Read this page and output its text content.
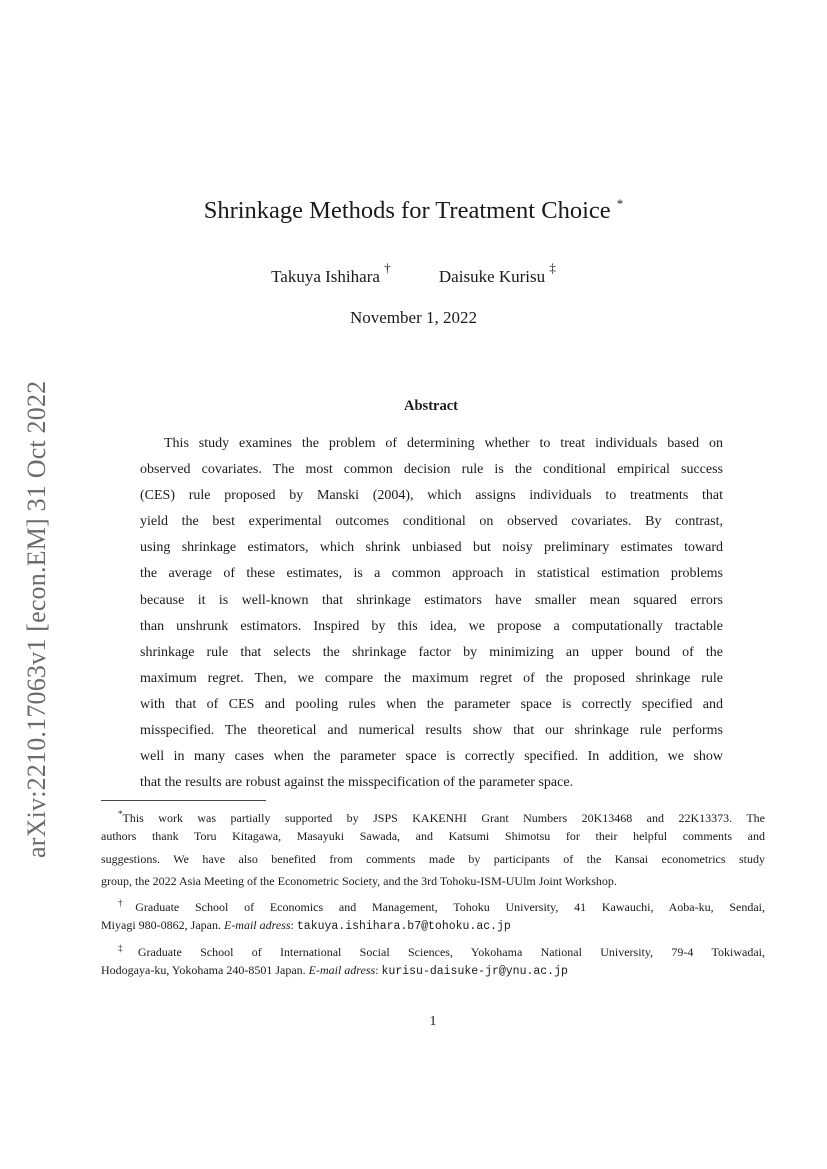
arXiv:2210.17063v1 [econ.EM] 31 Oct 2022
Shrinkage Methods for Treatment Choice *
Takuya Ishihara †	Daisuke Kurisu ‡
November 1, 2022
Abstract
This study examines the problem of determining whether to treat individuals based on
observed covariates. The most common decision rule is the conditional empirical success
(CES) rule proposed by Manski (2004), which assigns individuals to treatments that
yield the best experimental outcomes conditional on observed covariates. By contrast,
using shrinkage estimators, which shrink unbiased but noisy preliminary estimates toward
the average of these estimates, is a common approach in statistical estimation problems
because it is well-known that shrinkage estimators have smaller mean squared errors
than unshrunk estimators. Inspired by this idea, we propose a computationally tractable
shrinkage rule that selects the shrinkage factor by minimizing an upper bound of the
maximum regret. Then, we compare the maximum regret of the proposed shrinkage rule
with that of CES and pooling rules when the parameter space is correctly specified and
misspecified. The theoretical and numerical results show that our shrinkage rule performs
well in many cases when the parameter space is correctly specified. In addition, we show
that the results are robust against the misspecification of the parameter space.
*This work was partially supported by JSPS KAKENHI Grant Numbers 20K13468 and 22K13373. The
authors thank Toru Kitagawa, Masayuki Sawada, and Katsumi Shimotsu for their helpful comments and
suggestions. We have also benefited from comments made by participants of the Kansai econometrics study
group, the 2022 Asia Meeting of the Econometric Society, and the 3rd Tohoku-ISM-UUlm Joint Workshop.
†Graduate School of Economics and Management, Tohoku University, 41 Kawauchi, Aoba-ku, Sendai,
Miyagi 980-0862, Japan. E-mail adress: takuya.ishihara.b7@tohoku.ac.jp
‡Graduate School of International Social Sciences, Yokohama National University, 79-4 Tokiwadai,
Hodogaya-ku, Yokohama 240-8501 Japan. E-mail adress: kurisu-daisuke-jr@ynu.ac.jp
1
